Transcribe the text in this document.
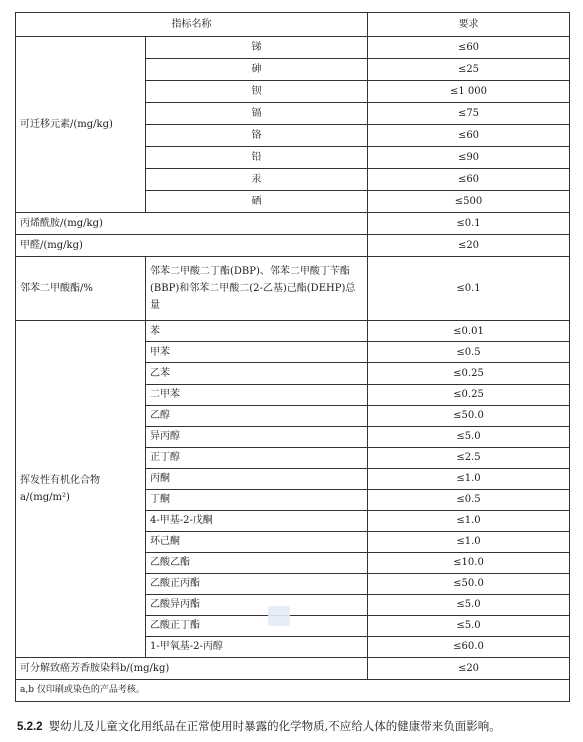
指标名称		要求
可迁移元素/(mg/kg)	锑	≤60
	砷	≤25
	钡	≤1 000
	镉	≤75
	铬	≤60
	铅	≤90
	汞	≤60
	硒	≤500
丙烯酰胺/(mg/kg)		≤0.1
甲醛/(mg/kg)		≤20
邻苯二甲酸酯/%	邻苯二甲酸二丁酯(DBP)、邻苯二甲酸丁苄酯(BBP)和邻苯二甲酸二(2-乙基)己酯(DEHP)总量	≤0.1
挥发性有机化合物a/(mg/m²)	苯	≤0.01
	甲苯	≤0.5
	乙苯	≤0.25
	二甲苯	≤0.25
	乙醇	≤50.0
	异丙醇	≤5.0
	正丁醇	≤2.5
	丙酮	≤1.0
	丁酮	≤0.5
	4-甲基-2-戊酮	≤1.0
	环己酮	≤1.0
	乙酸乙酯	≤10.0
	乙酸正丙酯	≤50.0
	乙酸异丙酯	≤5.0
	乙酸正丁酯	≤5.0
	1-甲氧基-2-丙醇	≤60.0
可分解致癌芳香胺染料b/(mg/kg)		≤20
a,b 仅印刷或染色的产品考核。		
5.2.2 婴幼儿及儿童文化用纸品在正常使用时暴露的化学物质,不应给人体的健康带来负面影响。
